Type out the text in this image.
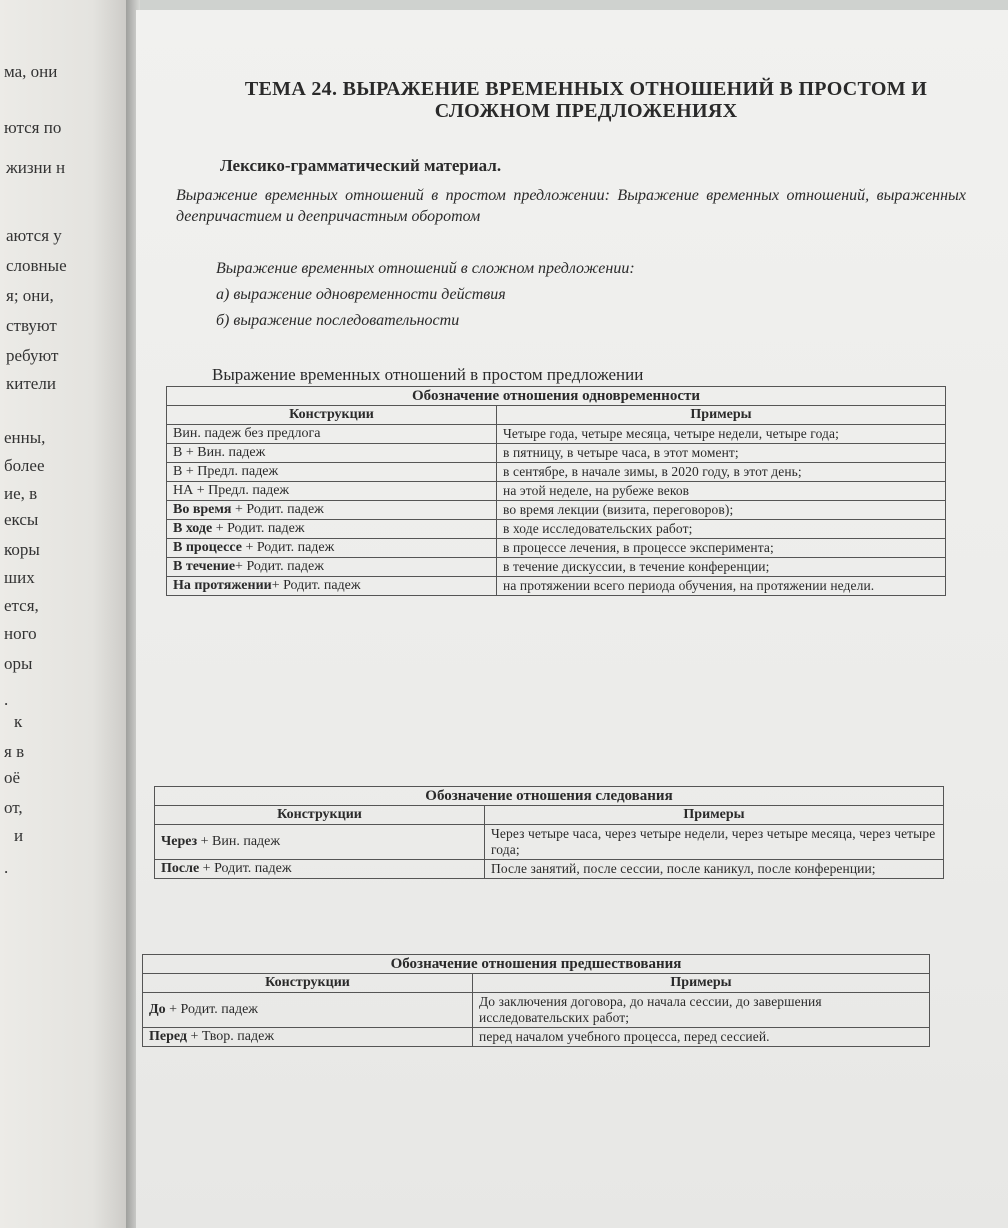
ма, они
ются по
жизни н
аются у
словные
я; они,
ствуют
ребуют
кители
енны,
более
ие, в
ексы
коры
ших
ется,
ного
оры
.
к
я в
оё
от,
и
.
ТЕМА 24. ВЫРАЖЕНИЕ ВРЕМЕННЫХ ОТНОШЕНИЙ В ПРОСТОМ И СЛОЖНОМ ПРЕДЛОЖЕНИЯХ
Лексико-грамматический материал.
Выражение временных отношений в простом предложении: Выражение временных отношений, выраженных деепричастием и деепричастным оборотом
Выражение временных отношений в сложном предложении:
а) выражение одновременности действия
б) выражение последовательности
Выражение временных отношений в простом предложении
Обозначение отношения одновременности	
Конструкции	Примеры
Вин. падеж без предлога	Четыре года, четыре месяца, четыре недели, четыре года;
В + Вин. падеж	в пятницу, в четыре часа, в этот момент;
В + Предл. падеж	в сентябре, в начале зимы, в 2020 году, в этот день;
НА + Предл. падеж	на этой неделе, на рубеже веков
Во время + Родит. падеж	во время лекции (визита, переговоров);
В ходе + Родит. падеж	в ходе исследовательских работ;
В процессе + Родит. падеж	в процессе лечения, в процессе эксперимента;
В течение+ Родит. падеж	в течение дискуссии, в течение конференции;
На протяжении+ Родит. падеж	на протяжении всего периода обучения, на протяжении недели.
Обозначение отношения следования	
Конструкции	Примеры
Через + Вин. падеж	Через четыре часа, через четыре недели, через четыре месяца, через четыре года;
После + Родит. падеж	После занятий, после сессии, после каникул, после конференции;
Обозначение отношения предшествования	
Конструкции	Примеры
До + Родит. падеж	До заключения договора, до начала сессии, до завершения исследовательских работ;
Перед + Твор. падеж	перед началом учебного процесса, перед сессией.
